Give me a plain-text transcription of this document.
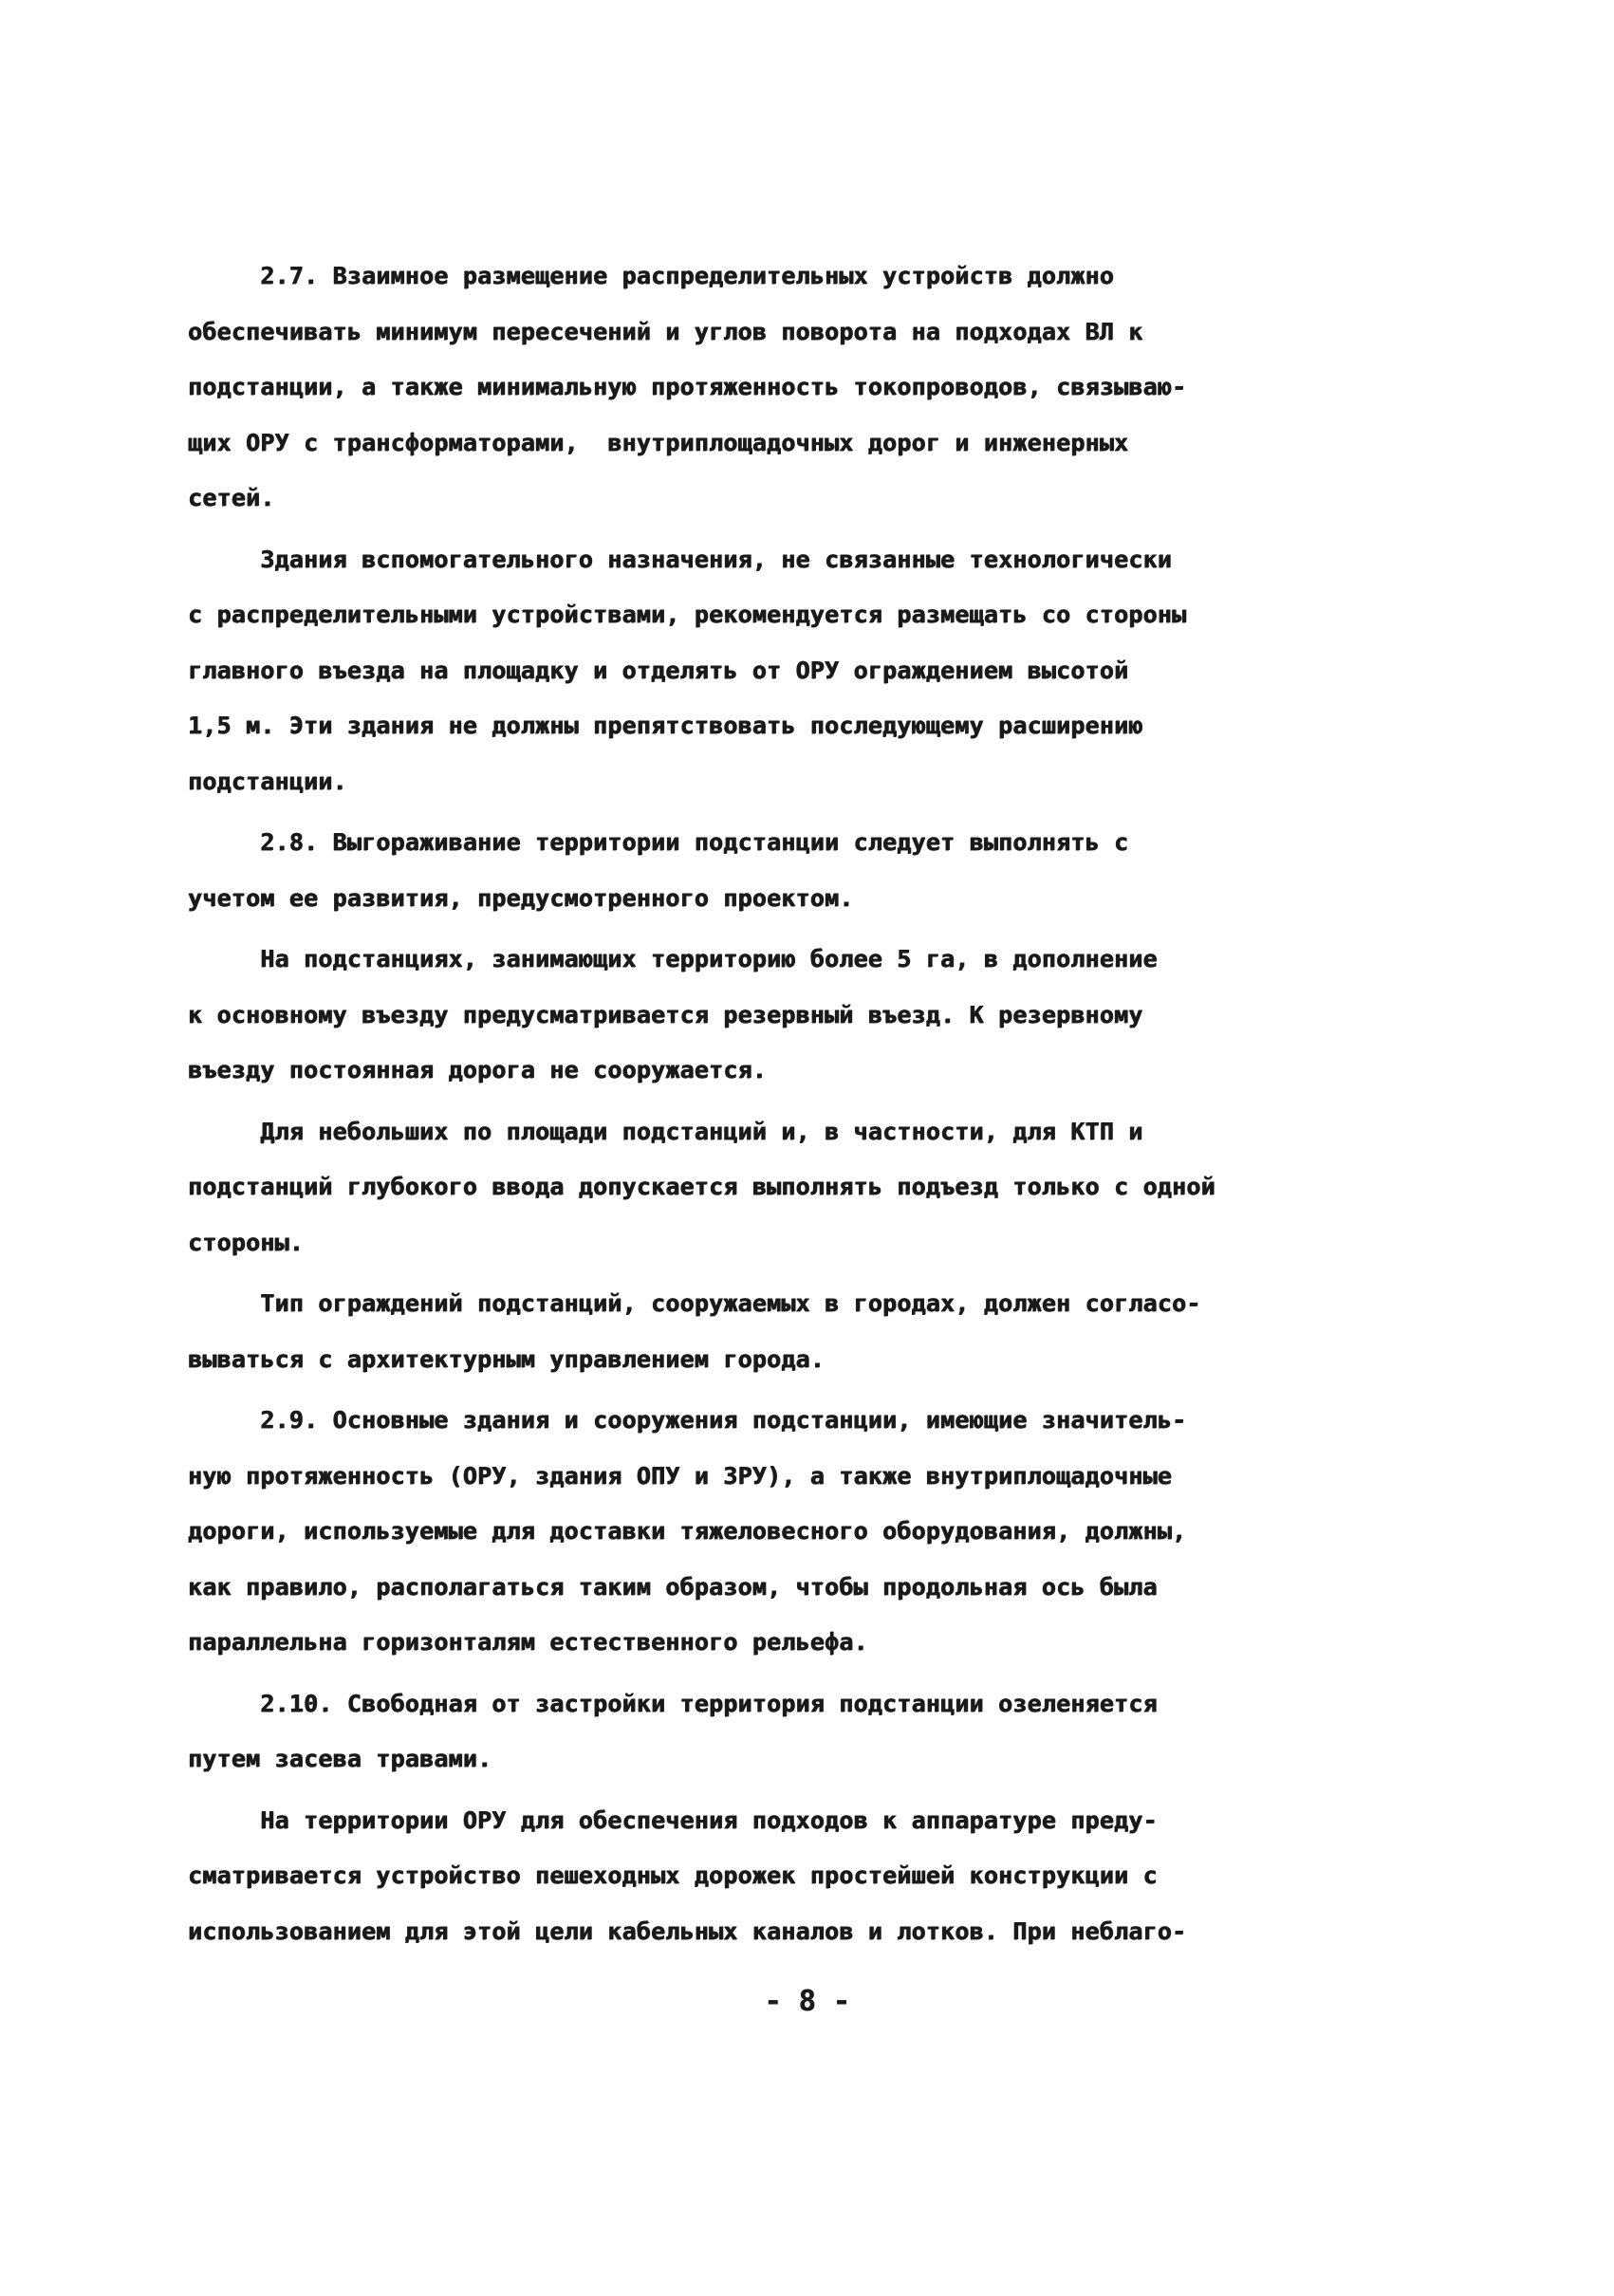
2.7. Взаимное размещение распределительных устройств должно
обеспечивать минимум пересечений и углов поворота на подходах ВЛ к
подстанции, а также минимальную протяженность токопроводов, связываю-
щих ОРУ с трансформаторами,  внутриплощадочных дорог и инженерных
сетей.
Здания вспомогательного назначения, не связанные технологически
с распределительными устройствами, рекомендуется размещать со стороны
главного въезда на площадку и отделять от ОРУ ограждением высотой
1,5 м. Эти здания не должны препятствовать последующему расширению
подстанции.
2.8. Выгораживание территории подстанции следует выполнять с
учетом ее развития, предусмотренного проектом.
На подстанциях, занимающих территорию более 5 га, в дополнение
к основному въезду предусматривается резервный въезд. К резервному
въезду постоянная дорога не сооружается.
Для небольших по площади подстанций и, в частности, для КТП и
подстанций глубокого ввода допускается выполнять подъезд только с одной
стороны.
Тип ограждений подстанций, сооружаемых в городах, должен согласо-
вываться с архитектурным управлением города.
2.9. Основные здания и сооружения подстанции, имеющие значитель-
ную протяженность (ОРУ, здания ОПУ и ЗРУ), а также внутриплощадочные
дороги, используемые для доставки тяжеловесного оборудования, должны,
как правило, располагаться таким образом, чтобы продольная ось была
параллельна горизонталям естественного рельефа.
2.10. Свободная от застройки территория подстанции озеленяется
путем засева травами.
На территории ОРУ для обеспечения подходов к аппаратуре преду-
сматривается устройство пешеходных дорожек простейшей конструкции с
использованием для этой цели кабельных каналов и лотков. При неблаго-
- 8 -
